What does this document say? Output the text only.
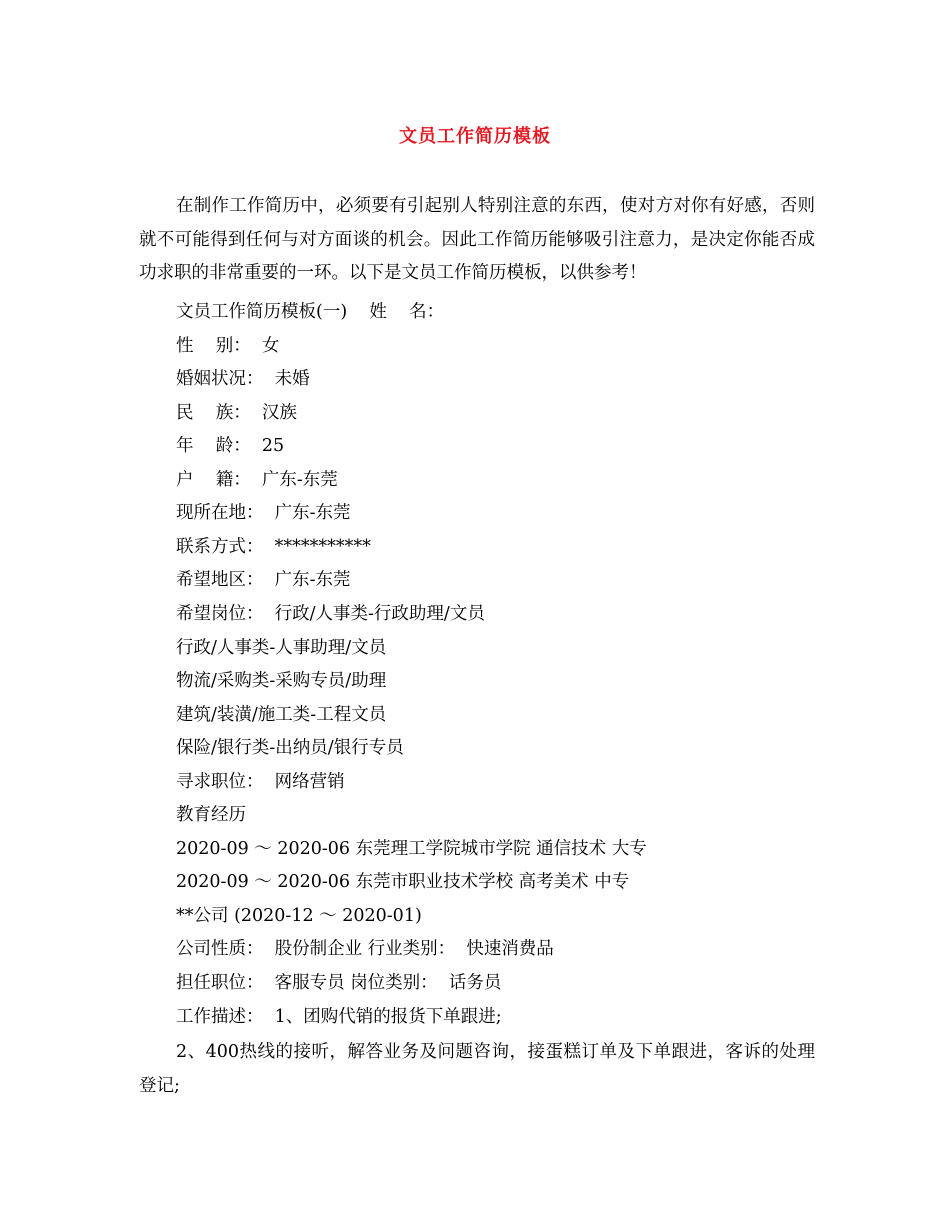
文员工作简历模板
在制作工作简历中，必须要有引起别人特别注意的东西，使对方对你有好感，否则就不可能得到任何与对方面谈的机会。因此工作简历能够吸引注意力，是决定你能否成功求职的非常重要的一环。以下是文员工作简历模板，以供参考！
文员工作简历模板(一)    姓    名：
性    别：  女
婚姻状况：  未婚
民    族：  汉族
年    龄：  25
户    籍：  广东-东莞
现所在地：  广东-东莞
联系方式：  ***********
希望地区：  广东-东莞
希望岗位：  行政/人事类-行政助理/文员
行政/人事类-人事助理/文员
物流/采购类-采购专员/助理
建筑/装潢/施工类-工程文员
保险/银行类-出纳员/银行专员
寻求职位：  网络营销
教育经历
2020-09 ～ 2020-06 东莞理工学院城市学院 通信技术 大专
2020-09 ～ 2020-06 东莞市职业技术学校 高考美术 中专
**公司 (2020-12 ～ 2020-01)
公司性质：  股份制企业 行业类别：  快速消费品
担任职位：  客服专员 岗位类别：  话务员
工作描述：  1、团购代销的报货下单跟进;
2、400热线的接听，解答业务及问题咨询，接蛋糕订单及下单跟进，客诉的处理登记;
